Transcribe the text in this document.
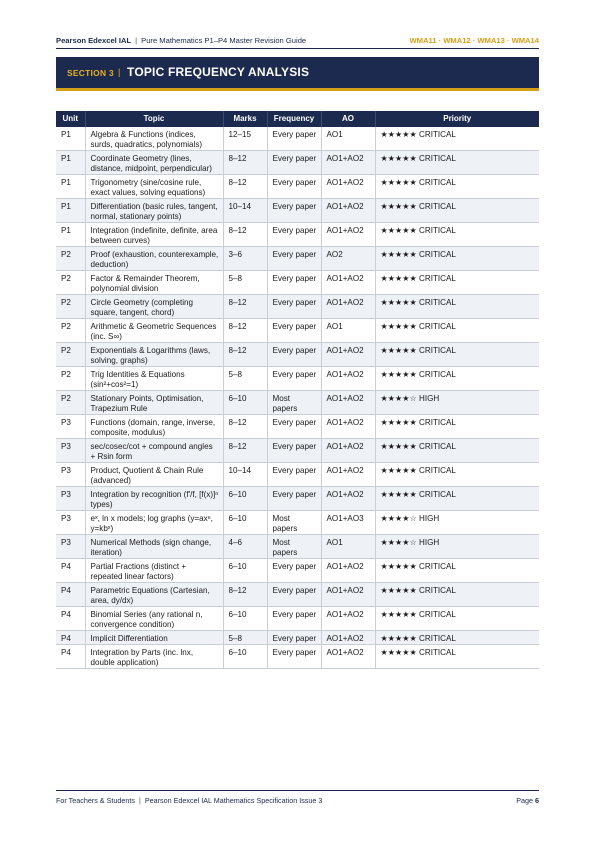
Pearson Edexcel IAL | Pure Mathematics P1–P4 Master Revision Guide	WMA11 · WMA12 · WMA13 · WMA14
SECTION 3 | TOPIC FREQUENCY ANALYSIS
Unit	Topic	Marks	Frequency	AO	Priority
P1	Algebra & Functions (indices, surds, quadratics, polynomials)	12–15	Every paper	AO1	★★★★★ CRITICAL
P1	Coordinate Geometry (lines, distance, midpoint, perpendicular)	8–12	Every paper	AO1+AO2	★★★★★ CRITICAL
P1	Trigonometry (sine/cosine rule, exact values, solving equations)	8–12	Every paper	AO1+AO2	★★★★★ CRITICAL
P1	Differentiation (basic rules, tangent, normal, stationary points)	10–14	Every paper	AO1+AO2	★★★★★ CRITICAL
P1	Integration (indefinite, definite, area between curves)	8–12	Every paper	AO1+AO2	★★★★★ CRITICAL
P2	Proof (exhaustion, counterexample, deduction)	3–6	Every paper	AO2	★★★★★ CRITICAL
P2	Factor & Remainder Theorem, polynomial division	5–8	Every paper	AO1+AO2	★★★★★ CRITICAL
P2	Circle Geometry (completing square, tangent, chord)	8–12	Every paper	AO1+AO2	★★★★★ CRITICAL
P2	Arithmetic & Geometric Sequences (inc. S∞)	8–12	Every paper	AO1	★★★★★ CRITICAL
P2	Exponentials & Logarithms (laws, solving, graphs)	8–12	Every paper	AO1+AO2	★★★★★ CRITICAL
P2	Trig Identities & Equations (sin²+cos²=1)	5–8	Every paper	AO1+AO2	★★★★★ CRITICAL
P2	Stationary Points, Optimisation, Trapezium Rule	6–10	Most papers	AO1+AO2	★★★★☆ HIGH
P3	Functions (domain, range, inverse, composite, modulus)	8–12	Every paper	AO1+AO2	★★★★★ CRITICAL
P3	sec/cosec/cot + compound angles + Rsin form	8–12	Every paper	AO1+AO2	★★★★★ CRITICAL
P3	Product, Quotient & Chain Rule (advanced)	10–14	Every paper	AO1+AO2	★★★★★ CRITICAL
P3	Integration by recognition (f'/f, [f(x)]ⁿ types)	6–10	Every paper	AO1+AO2	★★★★★ CRITICAL
P3	eˣ, ln x models; log graphs (y=axⁿ, y=kbˣ)	6–10	Most papers	AO1+AO3	★★★★☆ HIGH
P3	Numerical Methods (sign change, iteration)	4–6	Most papers	AO1	★★★★☆ HIGH
P4	Partial Fractions (distinct + repeated linear factors)	6–10	Every paper	AO1+AO2	★★★★★ CRITICAL
P4	Parametric Equations (Cartesian, area, dy/dx)	8–12	Every paper	AO1+AO2	★★★★★ CRITICAL
P4	Binomial Series (any rational n, convergence condition)	6–10	Every paper	AO1+AO2	★★★★★ CRITICAL
P4	Implicit Differentiation	5–8	Every paper	AO1+AO2	★★★★★ CRITICAL
P4	Integration by Parts (inc. lnx, double application)	6–10	Every paper	AO1+AO2	★★★★★ CRITICAL
For Teachers & Students | Pearson Edexcel IAL Mathematics Specification Issue 3	Page 6
